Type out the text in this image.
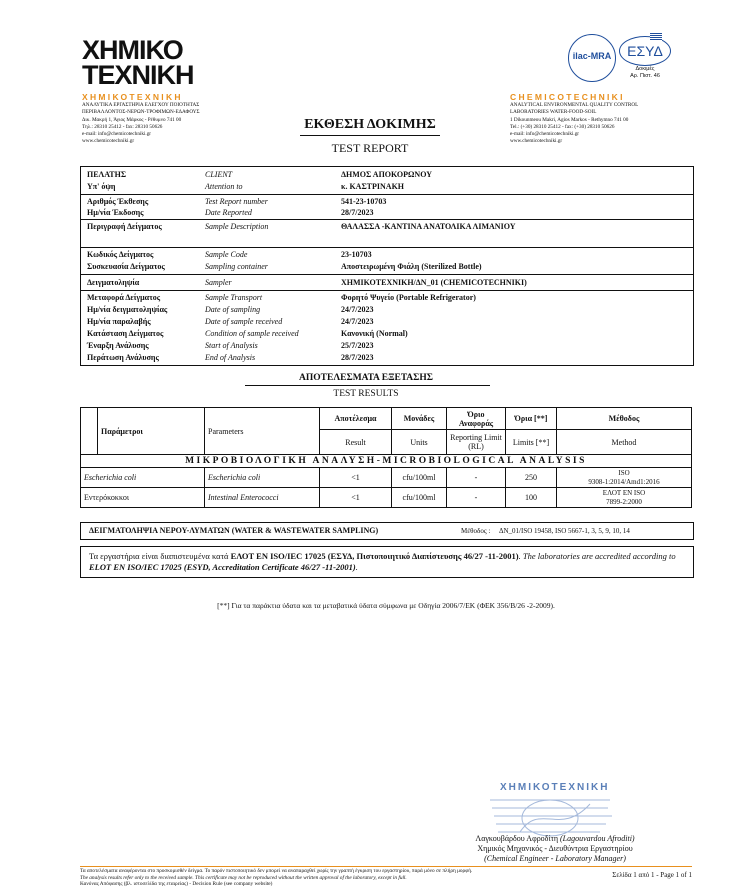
ΧΗΜΙΚΟ
ΤΕΧΝΙΚΗ
ΧΗΜΙΚΟΤΕΧΝΙΚΗ
ΑΝΑΛΥΤΙΚΑ ΕΡΓΑΣΤΗΡΙΑ ΕΛΕΓΧΟΥ ΠΟΙΟΤΗΤΑΣ
ΠΕΡΙΒΑΛΛΟΝΤΟΣ-ΝΕΡΩΝ-ΤΡΟΦΙΜΩΝ-ΕΔΑΦΟΥΣ
Δικ. Μακρή 1, Άγιος Μάρκος - Ρέθυμνο 741 00
Τηλ.: 28310 25412 - fax: 28310 50626
e-mail: info@chemicotechniki.gr
www.chemicotechniki.gr
CHEMICOTECHNIKI
ANALYTICAL ENVIRONMENTAL QUALITY CONTROL
LABORATORIES WATER-FOOD-SOIL
1 Dikounmeou Makri, Agios Markos - Rethymno 741 00
Tel.: (+30) 28310 25412 - fax: (+30) 28310 50626
e-mail: info@chemicotechniki.gr
www.chemicotechniki.gr
ilac-MRA	ΕΣΥΔ
Δοκιμές
Αρ. Πιστ. 46
ΕΚΘΕΣΗ ΔΟΚΙΜΗΣ
TEST REPORT
ΠΕΛΑΤΗΣ	CLIENT	ΔΗΜΟΣ ΑΠΟΚΟΡΩΝΟΥ
Υπ' όψη	Attention to	κ. ΚΑΣΤΡΙΝΑΚΗ
Αριθμός Έκθεσης	Test Report number	541-23-10703
Ημ/νία Έκδοσης	Date Reported	28/7/2023
Περιγραφή Δείγματος	Sample Description	ΘΑΛΑΣΣΑ -ΚΑΝΤΙΝΑ ΑΝΑΤΟΛΙΚΑ ΛΙΜΑΝΙΟΥ
Κωδικός Δείγματος	Sample Code	23-10703
Συσκευασία Δείγματος	Sampling container	Αποστειρωμένη Φιάλη (Sterilized Bottle)
Δειγματοληψία	Sampler	ΧΗΜΙΚΟΤΕΧΝΙΚΗ/ΔΝ_01 (CHEMICOTECHNIKI)
Μεταφορά Δείγματος	Sample Transport	Φορητό Ψυγείο (Portable Refrigerator)
Ημ/νία δειγματοληψίας	Date of sampling	24/7/2023
Ημ/νία παραλαβής	Date of sample received	24/7/2023
Κατάσταση Δείγματος	Condition of sample received	Κανονική (Normal)
Έναρξη Ανάλυσης	Start of Analysis	25/7/2023
Περάτωση Ανάλυσης	End of Analysis	28/7/2023
ΑΠΟΤΕΛΕΣΜΑΤΑ ΕΞΕΤΑΣΗΣ
TEST RESULTS
	Παράμετροι	Parameters	Αποτέλεσμα	Μονάδες	Όριο Αναφοράς	Όρια [**]	Μέθοδος
			Result	Units	Reporting Limit (RL)	Limits [**]	Method
ΜΙΚΡΟΒΙΟΛΟΓΙΚΗ ΑΝΑΛΥΣΗ-MICROBIOLOGICAL ANALYSIS							
Escherichia coli		Escherichia coli	<1	cfu/100ml	-	250	ISO
9308-1:2014/Amd1:2016

Εντερόκοκκοι		Intestinal Enterococci	<1	cfu/100ml	-	100	ΕΛΟΤ ΕΝ ISO
7899-2:2000
ΔΕΙΓΜΑΤΟΛΗΨΙΑ ΝΕΡΟΥ-ΛΥΜΑΤΩΝ (WATER & WASTEWATER SAMPLING)	Μέθοδος : ΔΝ_01/ISO 19458, ISO 5667-1, 3, 5, 9, 10, 14
Τα εργαστήρια είναι διαπιστευμένα κατά ΕΛΟΤ ΕΝ ISO/IEC 17025 (ΕΣΥΔ, Πιστοποιητικό Διαπίστευσης 46/27 -11-2001). The laboratories are accredited according to ELOT EN ISO/IEC 17025 (ESYD, Accreditation Certificate 46/27 -11-2001).
[**] Για τα παράκτια ύδατα και τα μεταβατικά ύδατα σύμφωνα με Οδηγία 2006/7/ΕΚ (ΦΕΚ 356/Β/26 -2-2009).
ΧΗΜΙΚΟΤΕΧΝΙΚΗ
Λαγκουβάρδου Αφροδίτη (Lagouvardou Afroditi)
Χημικός Μηχανικός - Διευθύντρια Εργαστηρίου
(Chemical Engineer - Laboratory Manager)
Τα αποτελέσματα αναφέρονται στο προσκομισθέν δείγμα. Το παρόν πιστοποιητικό δεν μπορεί να αναπαραχθεί χωρίς την γραπτή έγκριση του εργαστηρίου, παρά μόνο σε πλήρη μορφή.
The analysis results refer only to the received sample. This certificate may not be reproduced without the written approval of the laboratory, except in full.
Κανόνας Απόφασης (βλ. ιστοσελίδα της εταιρείας) - Decision Rule (see company website)
Σελίδα 1 από 1 - Page 1 of 1
